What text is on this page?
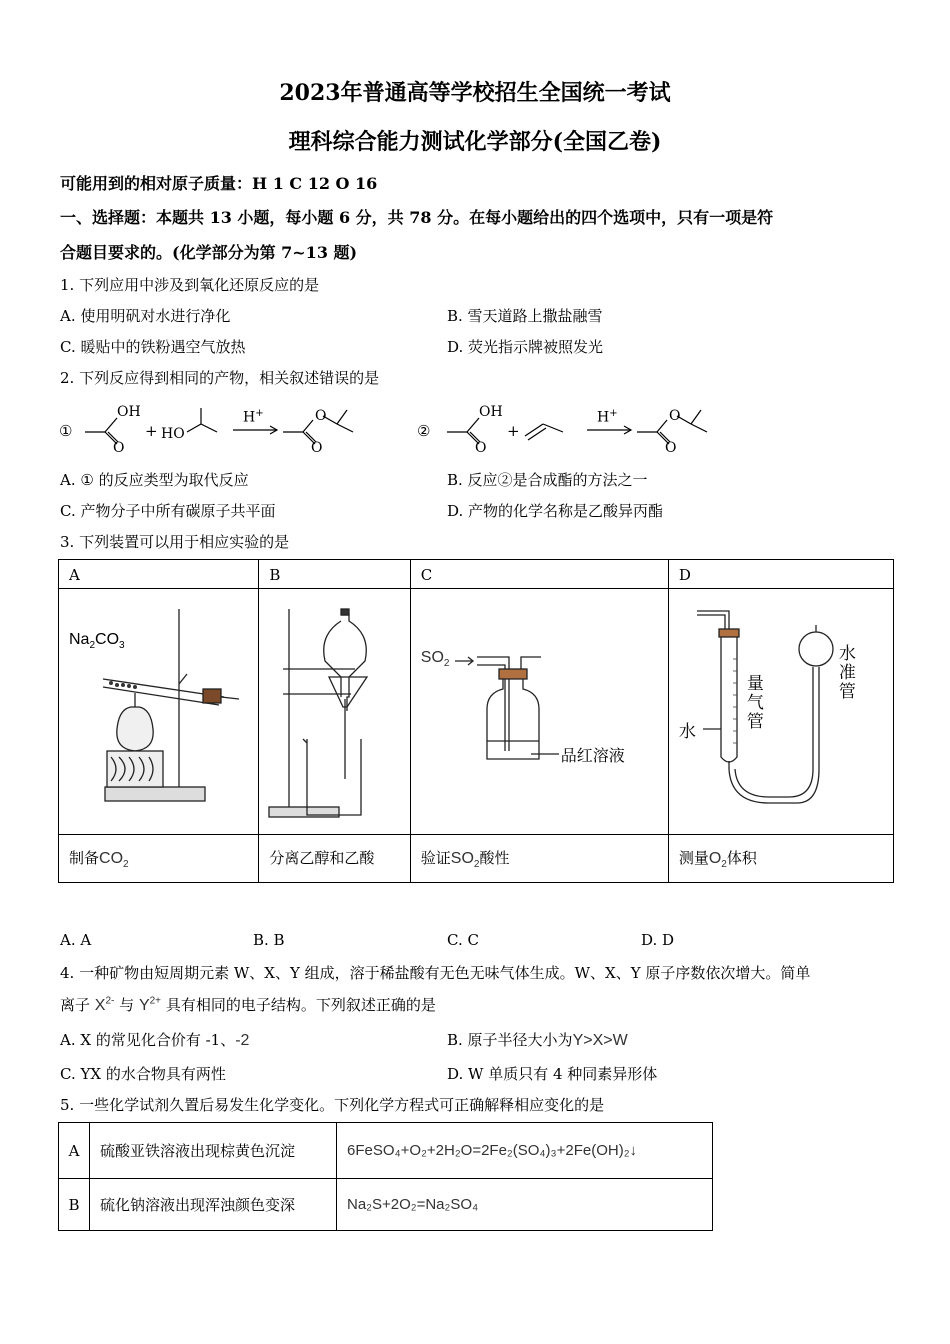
2023年普通高等学校招生全国统一考试
理科综合能力测试化学部分(全国乙卷)
可能用到的相对原子质量：H 1 C 12 O 16
一、选择题：本题共 13 小题，每小题 6 分，共 78 分。在每小题给出的四个选项中，只有一项是符
合题目要求的。(化学部分为第 7~13 题)
1. 下列应用中涉及到氧化还原反应的是
A. 使用明矾对水进行净化	B. 雪天道路上撒盐融雪
C. 暖贴中的铁粉遇空气放热	D. 荧光指示牌被照发光
2. 下列反应得到相同的产物，相关叙述错误的是
①
OH
O
+ HO
H+	O
O
②
OH
O
+
H+	O
O
A. ① 的反应类型为取代反应	B. 反应②是合成酯的方法之一
C. 产物分子中所有碳原子共平面	D. 产物的化学名称是乙酸异丙酯
3. 下列装置可以用于相应实验的是
A	B	C	D

$Na_2CO_3$		$SO_2$
品红溶液	水
量气管
水准管

制备$CO_2$	分离乙醇和乙酸	验证$SO_2$酸性	测量$O_2$体积
A. A	B. B	C. C	D. D
4. 一种矿物由短周期元素 W、X、Y 组成，溶于稀盐酸有无色无味气体生成。W、X、Y 原子序数依次增大。简单
离子 $X^{2-}$ 与 $Y^{2+}$ 具有相同的电子结构。下列叙述正确的是
A. X 的常见化合价有 -1、-2	B. 原子半径大小为Y>X>W
C. YX 的水合物具有两性	D. W 单质只有 4 种同素异形体
5. 一些化学试剂久置后易发生化学变化。下列化学方程式可正确解释相应变化的是
A	硫酸亚铁溶液出现棕黄色沉淀	6FeSO₄+O₂+2H₂O=2Fe₂(SO₄)₃+2Fe(OH)₂↓
B	硫化钠溶液出现浑浊颜色变深	Na₂S+2O₂=Na₂SO₄
